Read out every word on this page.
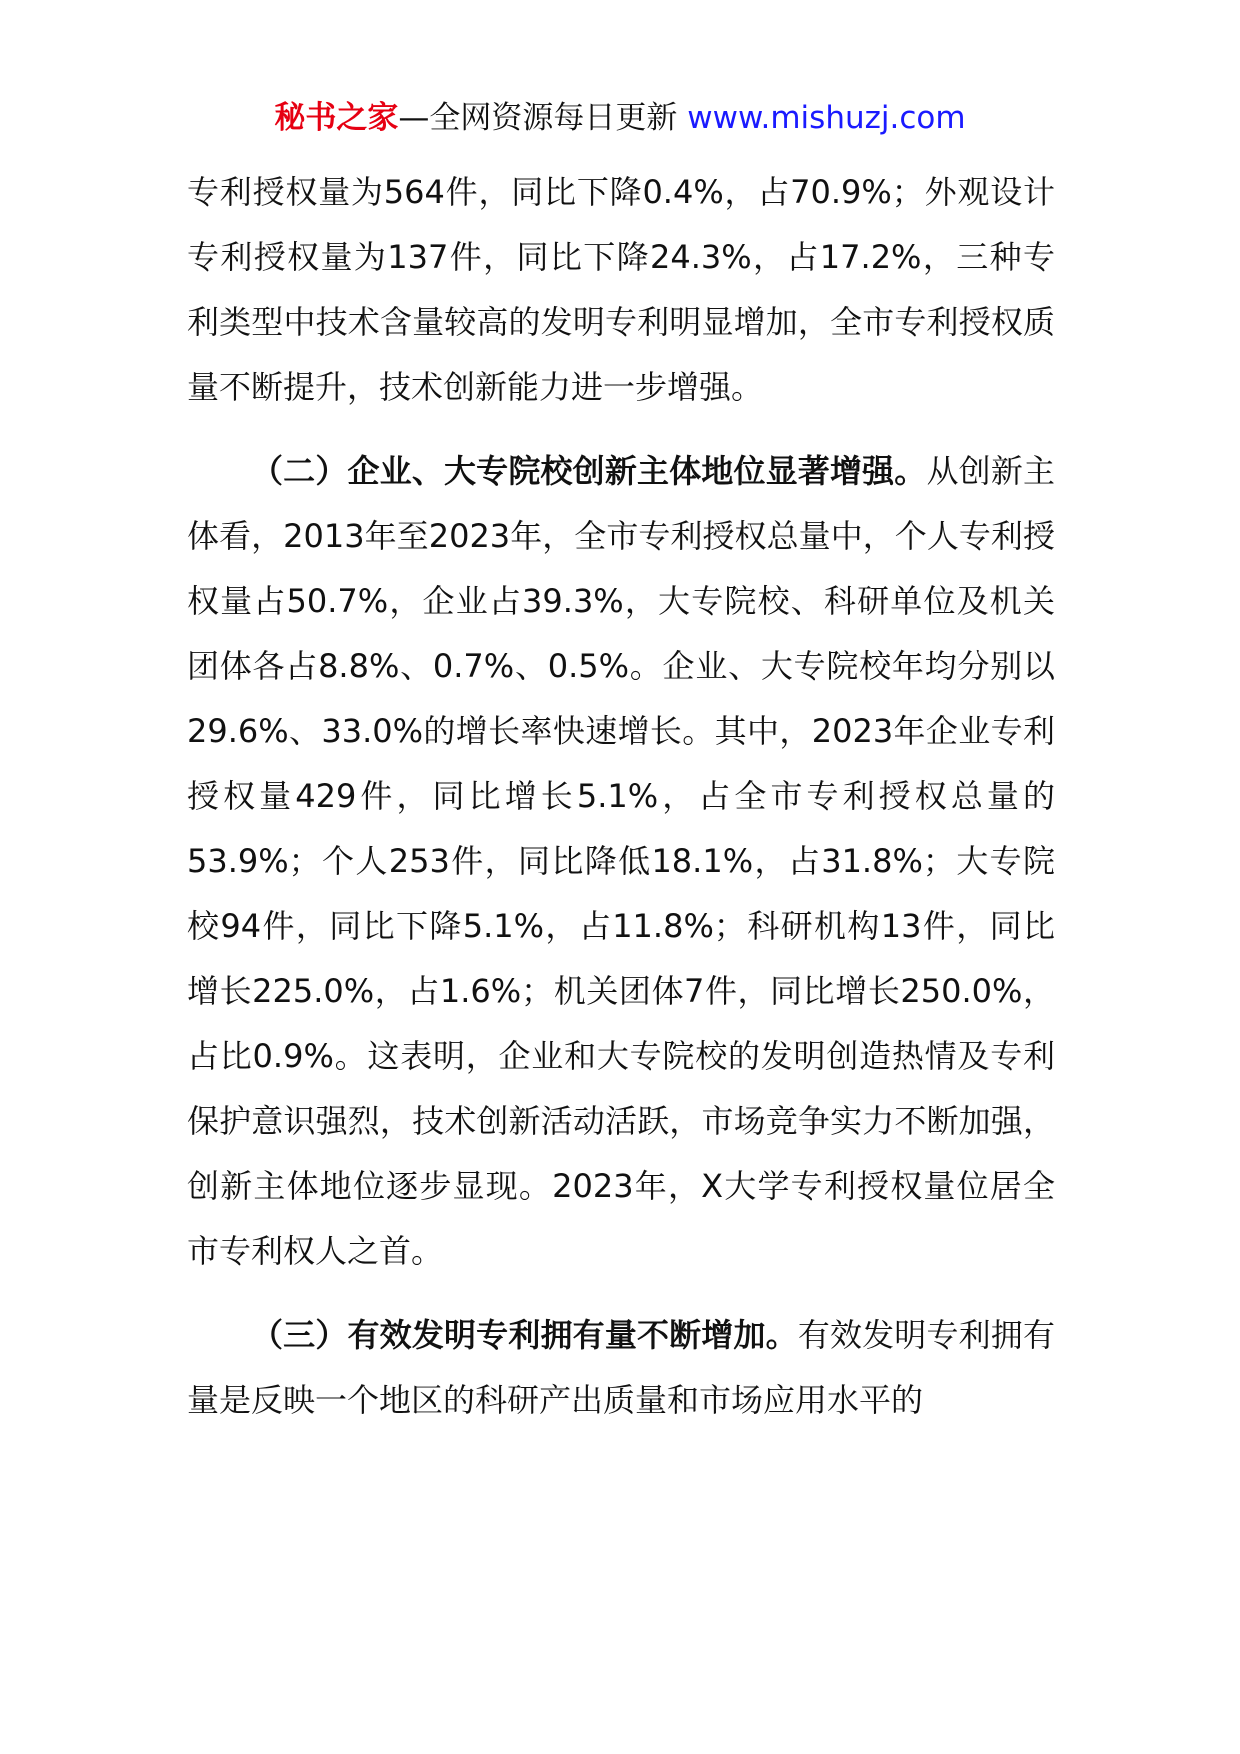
秘书之家—全网资源每日更新 www.mishuzj.com

专利授权量为564件，同比下降0.4%，占70.9%；外观设计专利授权量为137件，同比下降24.3%，占17.2%，三种专利类型中技术含量较高的发明专利明显增加，全市专利授权质量不断提升，技术创新能力进一步增强。

（二）企业、大专院校创新主体地位显著增强。从创新主体看，2013年至2023年，全市专利授权总量中，个人专利授权量占50.7%，企业占39.3%，大专院校、科研单位及机关团体各占8.8%、0.7%、0.5%。企业、大专院校年均分别以29.6%、33.0%的增长率快速增长。其中，2023年企业专利授权量429件，同比增长5.1%，占全市专利授权总量的53.9%；个人253件，同比降低18.1%，占31.8%；大专院校94件，同比下降5.1%，占11.8%；科研机构13件，同比增长225.0%，占1.6%；机关团体7件，同比增长250.0%，占比0.9%。这表明，企业和大专院校的发明创造热情及专利保护意识强烈，技术创新活动活跃，市场竞争实力不断加强，创新主体地位逐步显现。2023年，X大学专利授权量位居全市专利权人之首。

（三）有效发明专利拥有量不断增加。有效发明专利拥有量是反映一个地区的科研产出质量和市场应用水平的
